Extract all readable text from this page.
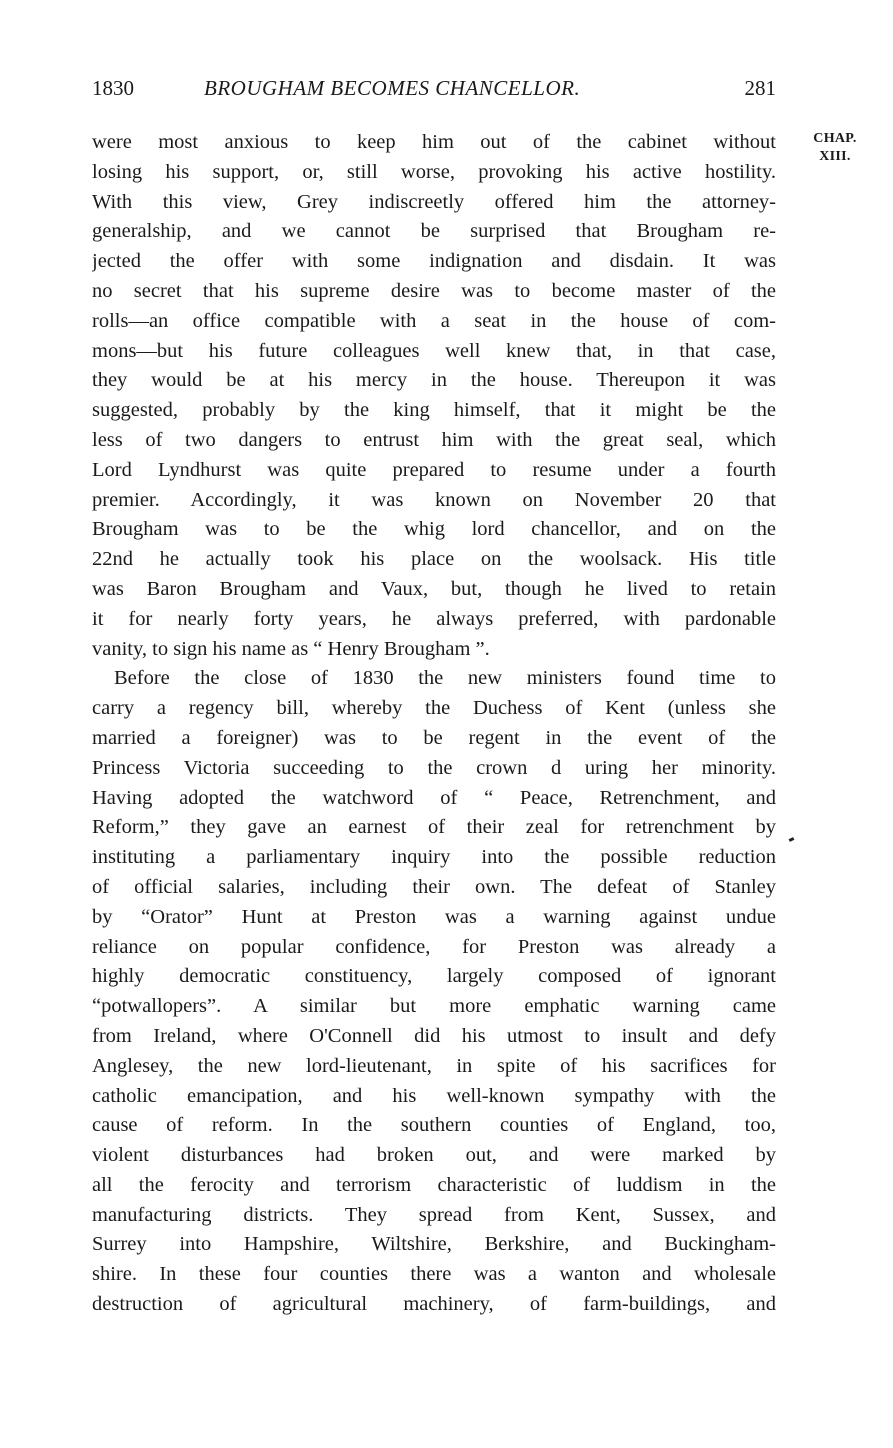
1830	BROUGHAM BECOMES CHANCELLOR.	281
CHAP.
XIII.
were most anxious to keep him out of the cabinet without
losing his support, or, still worse, provoking his active hostility.
With this view, Grey indiscreetly offered him the attorney-
generalship, and we cannot be surprised that Brougham re-
jected the offer with some indignation and disdain. It was
no secret that his supreme desire was to become master of the
rolls—an office compatible with a seat in the house of com-
mons—but his future colleagues well knew that, in that case,
they would be at his mercy in the house. Thereupon it was
suggested, probably by the king himself, that it might be the
less of two dangers to entrust him with the great seal, which
Lord Lyndhurst was quite prepared to resume under a fourth
premier. Accordingly, it was known on November 20 that
Brougham was to be the whig lord chancellor, and on the
22nd he actually took his place on the woolsack. His title
was Baron Brougham and Vaux, but, though he lived to retain
it for nearly forty years, he always preferred, with pardonable
vanity, to sign his name as “ Henry Brougham ”.
Before the close of 1830 the new ministers found time to
carry a regency bill, whereby the Duchess of Kent (unless she
married a foreigner) was to be regent in the event of the
Princess Victoria succeeding to the crown d uring her minority.
Having adopted the watchword of “ Peace, Retrenchment, and
Reform,” they gave an earnest of their zeal for retrenchment by
instituting a parliamentary inquiry into the possible reduction
of official salaries, including their own. The defeat of Stanley
by “Orator” Hunt at Preston was a warning against undue
reliance on popular confidence, for Preston was already a
highly democratic constituency, largely composed of ignorant
“potwallopers”. A similar but more emphatic warning came
from Ireland, where O'Connell did his utmost to insult and defy
Anglesey, the new lord-lieutenant, in spite of his sacrifices for
catholic emancipation, and his well-known sympathy with the
cause of reform. In the southern counties of England, too,
violent disturbances had broken out, and were marked by
all the ferocity and terrorism characteristic of luddism in the
manufacturing districts. They spread from Kent, Sussex, and
Surrey into Hampshire, Wiltshire, Berkshire, and Buckingham-
shire. In these four counties there was a wanton and wholesale
destruction of agricultural machinery, of farm-buildings, and
